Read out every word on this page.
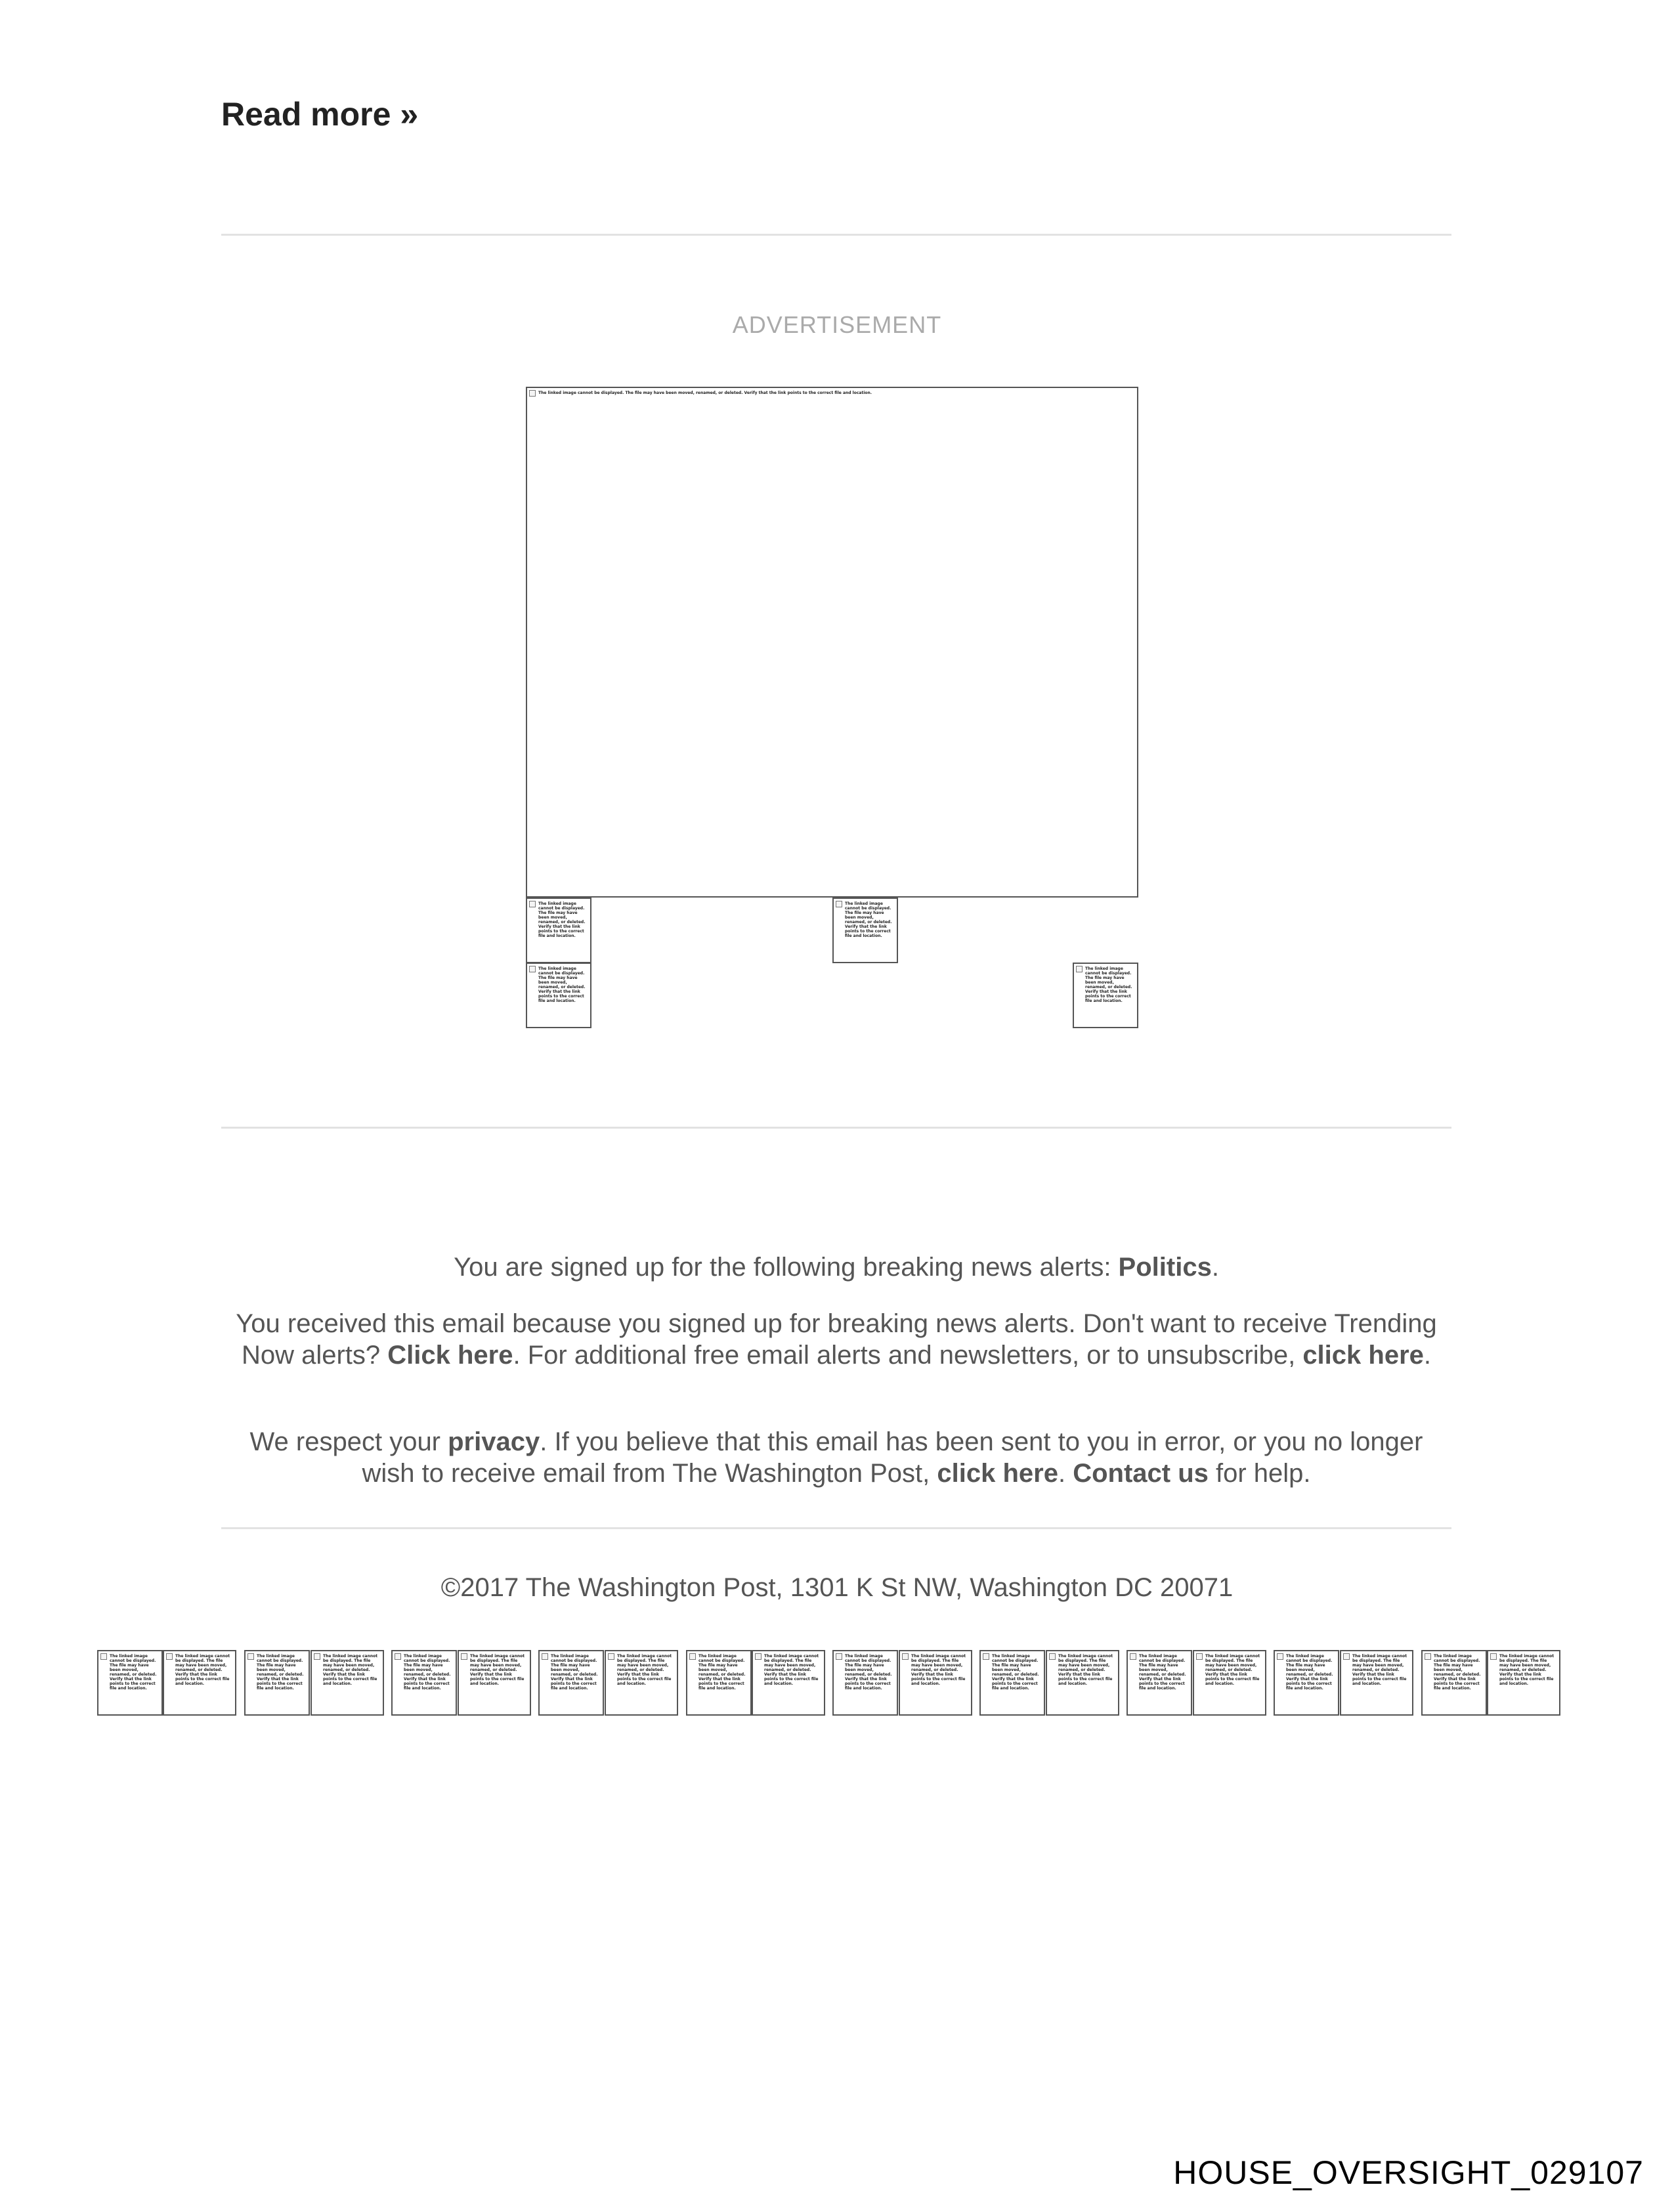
Read more »
ADVERTISEMENT
The linked image cannot be displayed. The file may have been moved, renamed, or deleted. Verify that the link points to the correct file and location.
The linked image cannot be displayed. The file may have been moved, renamed, or deleted. Verify that the link points to the correct file and location.
The linked image cannot be displayed. The file may have been moved, renamed, or deleted. Verify that the link points to the correct file and location.
The linked image cannot be displayed. The file may have been moved, renamed, or deleted. Verify that the link points to the correct file and location.
The linked image cannot be displayed. The file may have been moved, renamed, or deleted. Verify that the link points to the correct file and location.
You are signed up for the following breaking news alerts: Politics.
You received this email because you signed up for breaking news alerts. Don't want to receive Trending Now alerts? Click here. For additional free email alerts and newsletters, or to unsubscribe, click here.
We respect your privacy. If you believe that this email has been sent to you in error, or you no longer wish to receive email from The Washington Post, click here. Contact us for help.
©2017 The Washington Post, 1301 K St NW, Washington DC 20071
The linked image cannot be displayed. The file may have been moved, renamed, or deleted. Verify that the link points to the correct file and location.
The linked image cannot be displayed. The file may have been moved, renamed, or deleted. Verify that the link points to the correct file and location.
The linked image cannot be displayed. The file may have been moved, renamed, or deleted. Verify that the link points to the correct file and location.
The linked image cannot be displayed. The file may have been moved, renamed, or deleted. Verify that the link points to the correct file and location.
The linked image cannot be displayed. The file may have been moved, renamed, or deleted. Verify that the link points to the correct file and location.
The linked image cannot be displayed. The file may have been moved, renamed, or deleted. Verify that the link points to the correct file and location.
The linked image cannot be displayed. The file may have been moved, renamed, or deleted. Verify that the link points to the correct file and location.
The linked image cannot be displayed. The file may have been moved, renamed, or deleted. Verify that the link points to the correct file and location.
The linked image cannot be displayed. The file may have been moved, renamed, or deleted. Verify that the link points to the correct file and location.
The linked image cannot be displayed. The file may have been moved, renamed, or deleted. Verify that the link points to the correct file and location.
The linked image cannot be displayed. The file may have been moved, renamed, or deleted. Verify that the link points to the correct file and location.
The linked image cannot be displayed. The file may have been moved, renamed, or deleted. Verify that the link points to the correct file and location.
The linked image cannot be displayed. The file may have been moved, renamed, or deleted. Verify that the link points to the correct file and location.
The linked image cannot be displayed. The file may have been moved, renamed, or deleted. Verify that the link points to the correct file and location.
The linked image cannot be displayed. The file may have been moved, renamed, or deleted. Verify that the link points to the correct file and location.
The linked image cannot be displayed. The file may have been moved, renamed, or deleted. Verify that the link points to the correct file and location.
The linked image cannot be displayed. The file may have been moved, renamed, or deleted. Verify that the link points to the correct file and location.
The linked image cannot be displayed. The file may have been moved, renamed, or deleted. Verify that the link points to the correct file and location.
The linked image cannot be displayed. The file may have been moved, renamed, or deleted. Verify that the link points to the correct file and location.
The linked image cannot be displayed. The file may have been moved, renamed, or deleted. Verify that the link points to the correct file and location.
HOUSE_OVERSIGHT_029107
